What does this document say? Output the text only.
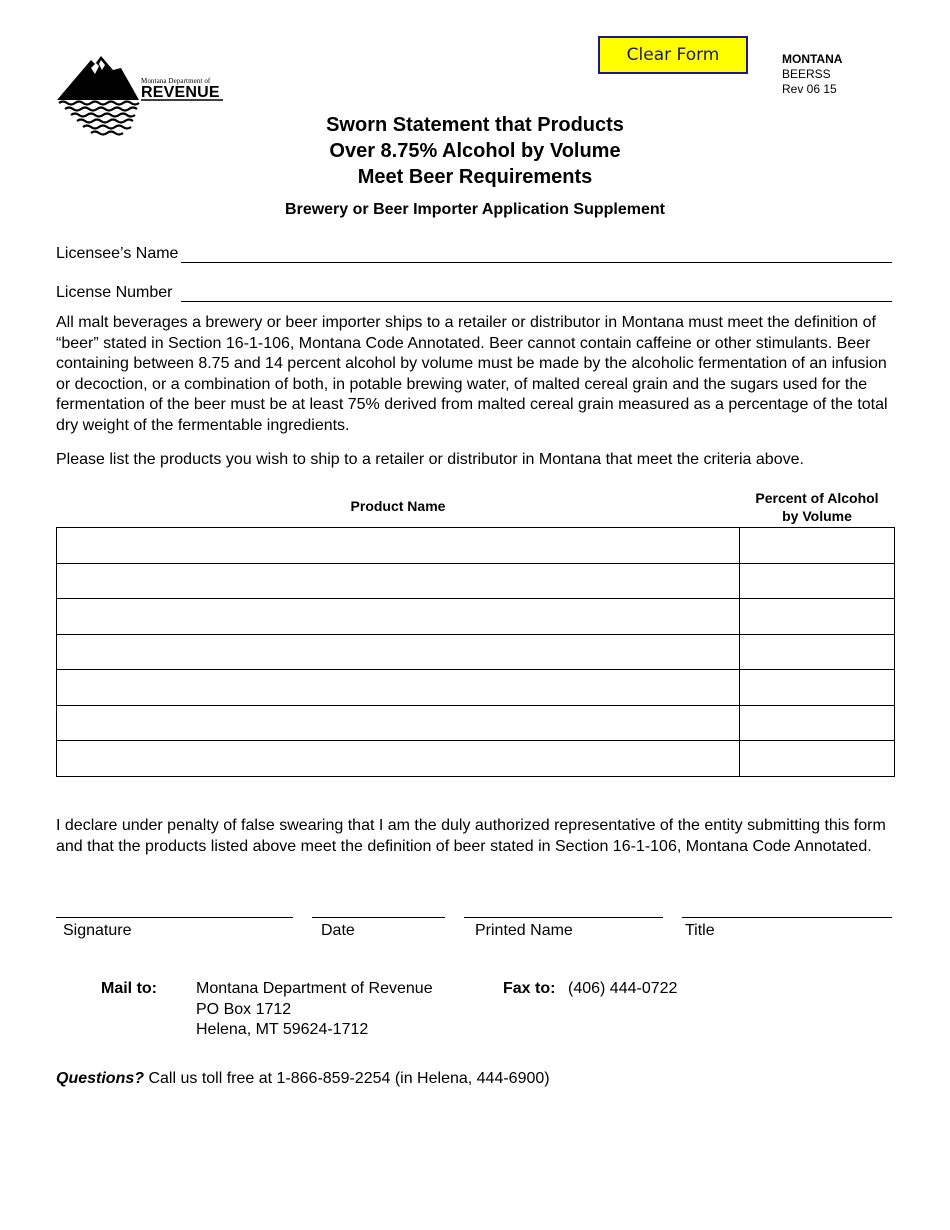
Clear Form	MONTANA
BEERSS
Rev 06 15
Montana Department of
REVENUE
Sworn Statement that Products
Over 8.75% Alcohol by Volume
Meet Beer Requirements
Brewery or Beer Importer Application Supplement
Licensee’s Name
License Number
All malt beverages a brewery or beer importer ships to a retailer or distributor in Montana must meet the definition of “beer” stated in Section 16-1-106, Montana Code Annotated. Beer cannot contain caffeine or other stimulants. Beer containing between 8.75 and 14 percent alcohol by volume must be made by the alcoholic fermentation of an infusion or decoction, or a combination of both, in potable brewing water, of malted cereal grain and the sugars used for the fermentation of the beer must be at least 75% derived from malted cereal grain measured as a percentage of the total dry weight of the fermentable ingredients.
Please list the products you wish to ship to a retailer or distributor in Montana that meet the criteria above.
Product Name	Percent of Alcohol
by Volume

I declare under penalty of false swearing that I am the duly authorized representative of the entity submitting this form and that the products listed above meet the definition of beer stated in Section 16-1-106, Montana Code Annotated.
Signature	Date	Printed Name	Title
Mail to: Montana Department of Revenue
PO Box 1712
Helena, MT 59624-1712
Fax to: (406) 444-0722
Questions? Call us toll free at 1-866-859-2254 (in Helena, 444-6900)
